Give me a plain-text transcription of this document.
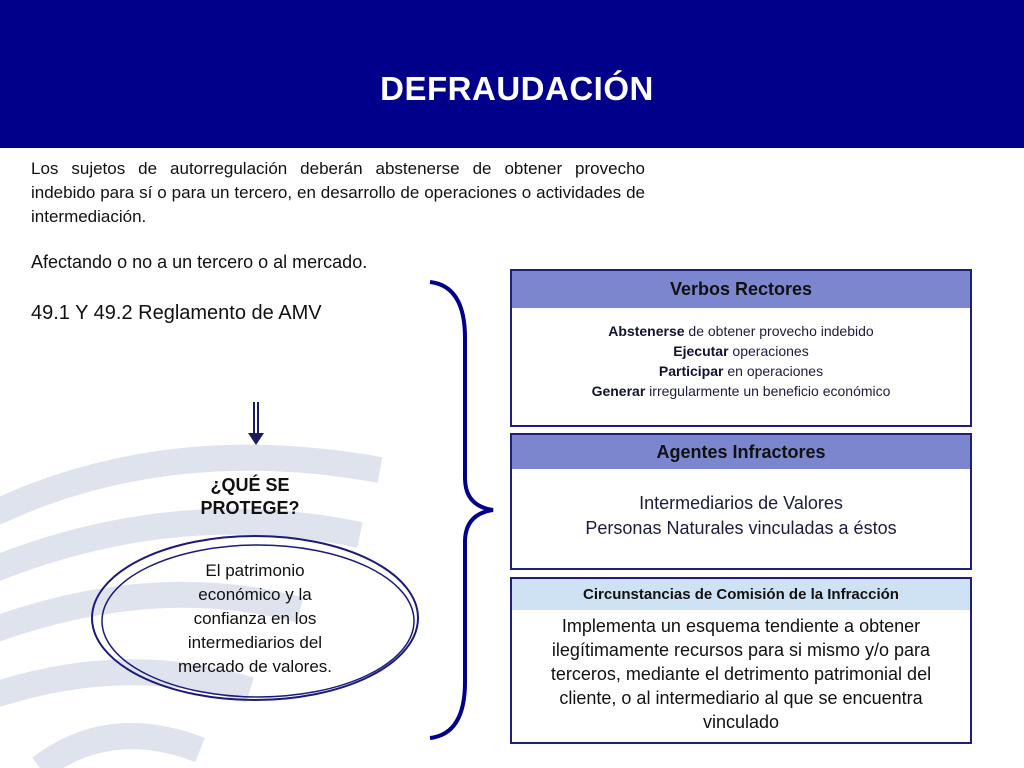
DEFRAUDACIÓN

Los sujetos de autorregulación deberán abstenerse de obtener provecho indebido para sí o para un tercero, en desarrollo de operaciones o actividades de intermediación.

Afectando o no a un tercero o al mercado.

49.1 Y 49.2 Reglamento de AMV

¿QUÉ SE
PROTEGE?
El patrimonio
económico y la
confianza en los
intermediarios del
mercado de valores.
Verbos Rectores
Abstenerse de obtener provecho indebido
Ejecutar operaciones
Participar en operaciones
Generar irregularmente un beneficio económico
Agentes Infractores
Intermediarios de Valores
Personas Naturales vinculadas a éstos
Circunstancias de Comisión de la Infracción
Implementa un esquema tendiente a obtener
ilegítimamente recursos para si mismo y/o para
terceros, mediante el detrimento patrimonial del
cliente, o al intermediario al que se encuentra
vinculado
